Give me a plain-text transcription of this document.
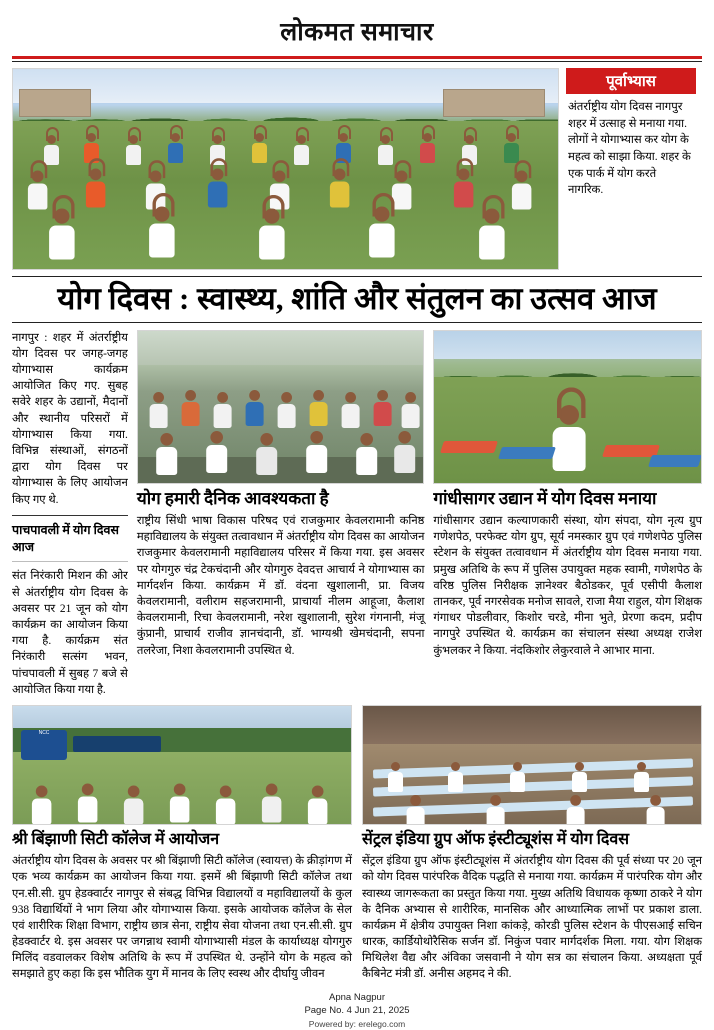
लोकमत समाचार
पूर्वाभ्यास
अंतर्राष्ट्रीय योग दिवस नागपुर शहर में उत्साह से मनाया गया. लोगों ने योगाभ्यास कर योग के महत्व को साझा किया. शहर के एक पार्क में योग करते नागरिक.
योग दिवस : स्वास्थ्य, शांति और संतुलन का उत्सव आज
नागपुर : शहर में अंतर्राष्ट्रीय योग दिवस पर जगह-जगह योगाभ्यास कार्यक्रम आयोजित किए गए. सुबह सवेरे शहर के उद्यानों, मैदानों और स्थानीय परिसरों में योगाभ्यास किया गया. विभिन्न संस्थाओं, संगठनों द्वारा योग दिवस पर योगाभ्यास के लिए आयोजन किए गए थे.
पाचपावली में योग दिवस आज
संत निरंकारी मिशन की ओर से अंतर्राष्ट्रीय योग दिवस के अवसर पर 21 जून को योग कार्यक्रम का आयोजन किया गया है. कार्यक्रम संत निरंकारी सत्संग भवन, पांचपावली में सुबह 7 बजे से आयोजित किया गया है.
योग हमारी दैनिक आवश्यकता है
राष्ट्रीय सिंधी भाषा विकास परिषद एवं राजकुमार केवलरामानी कनिष्ठ महाविद्यालय के संयुक्त तत्वावधान में अंतर्राष्ट्रीय योग दिवस का आयोजन राजकुमार केवलरामानी महाविद्यालय परिसर में किया गया. इस अवसर पर योगगुरु चंद्र टेकचंदानी और योगगुरु देवदत्त आचार्य ने योगाभ्यास का मार्गदर्शन किया. कार्यक्रम में डॉ. वंदना खुशालानी, प्रा. विजय केवलरामानी, वलीराम सहजरामानी, प्राचार्या नीलम आहूजा, कैलाश केवलरामानी, रिचा केवलरामानी, नरेश खुशालानी, सुरेश गंगनानी, मंजू कुंप्रानी, प्राचार्य राजीव ज्ञानचंदानी, डॉ. भाग्यश्री खेमचंदानी, सपना तलरेजा, निशा केवलरामानी उपस्थित थे.
गांधीसागर उद्यान में योग दिवस मनाया
गांधीसागर उद्यान कल्याणकारी संस्था, योग संपदा, योग नृत्य ग्रुप गणेशपेठ, परफेक्ट योग ग्रुप, सूर्य नमस्कार ग्रुप एवं गणेशपेठ पुलिस स्टेशन के संयुक्त तत्वावधान में अंतर्राष्ट्रीय योग दिवस मनाया गया. प्रमुख अतिथि के रूप में पुलिस उपायुक्त महक स्वामी, गणेशपेठ के वरिष्ठ पुलिस निरीक्षक ज्ञानेश्वर बैठोडकर, पूर्व एसीपी कैलाश तानकर, पूर्व नगरसेवक मनोज सावले, राजा मैया राहुल, योग शिक्षक गंगाधर पोडलीवार, किशोर चरडे, मीना भुते, प्रेरणा कदम, प्रदीप नागपुरे उपस्थित थे. कार्यक्रम का संचालन संस्था अध्यक्ष राजेश कुंभलकर ने किया. नंदकिशोर लेकुरवाले ने आभार माना.
NCC
श्री बिंझाणी सिटी कॉलेज में आयोजन
अंतर्राष्ट्रीय योग दिवस के अवसर पर श्री बिंझाणी सिटी कॉलेज (स्वायत्त) के क्रीड़ांगण में एक भव्य कार्यक्रम का आयोजन किया गया. इसमें श्री बिंझाणी सिटी कॉलेज तथा एन.सी.सी. ग्रुप हेडक्वार्टर नागपुर से संबद्ध विभिन्न विद्यालयों व महाविद्यालयों के कुल 938 विद्यार्थियों ने भाग लिया और योगाभ्यास किया. इसके आयोजक कॉलेज के सेल एवं शारीरिक शिक्षा विभाग, राष्ट्रीय छात्र सेना, राष्ट्रीय सेवा योजना तथा एन.सी.सी. ग्रुप हेडक्वार्टर थे. इस अवसर पर जगन्नाथ स्वामी योगाभ्यासी मंडल के कार्याध्यक्ष योगगुरु मिलिंद वडवालकर विशेष अतिथि के रूप में उपस्थित थे. उन्होंने योग के महत्व को समझाते हुए कहा कि इस भौतिक युग में मानव के लिए स्वस्थ और दीर्घायु जीवन
सेंट्रल इंडिया ग्रुप ऑफ इंस्टीट्यूशंस में योग दिवस
सेंट्रल इंडिया ग्रुप ऑफ इंस्टीट्यूशंस में अंतर्राष्ट्रीय योग दिवस की पूर्व संध्या पर 20 जून को योग दिवस पारंपरिक वैदिक पद्धति से मनाया गया. कार्यक्रम में पारंपरिक योग और स्वास्थ्य जागरूकता का प्रस्तुत किया गया. मुख्य अतिथि विधायक कृष्णा ठाकरे ने योग के दैनिक अभ्यास से शारीरिक, मानसिक और आध्यात्मिक लाभों पर प्रकाश डाला. कार्यक्रम में क्षेत्रीय उपायुक्त निशा कांकड़े, कोरडी पुलिस स्टेशन के पीएसआई सचिन धारक, कार्डियोथोरैसिक सर्जन डॉ. निकुंज पवार मार्गदर्शक मिला. गया. योग शिक्षक मिथिलेश वैद्य और अंविका जसवानी ने योग सत्र का संचालन किया. अध्यक्षता पूर्व कैबिनेट मंत्री डॉ. अनीस अहमद ने की.
Apna Nagpur
Page No. 4 Jun 21, 2025
Powered by: erelego.com
